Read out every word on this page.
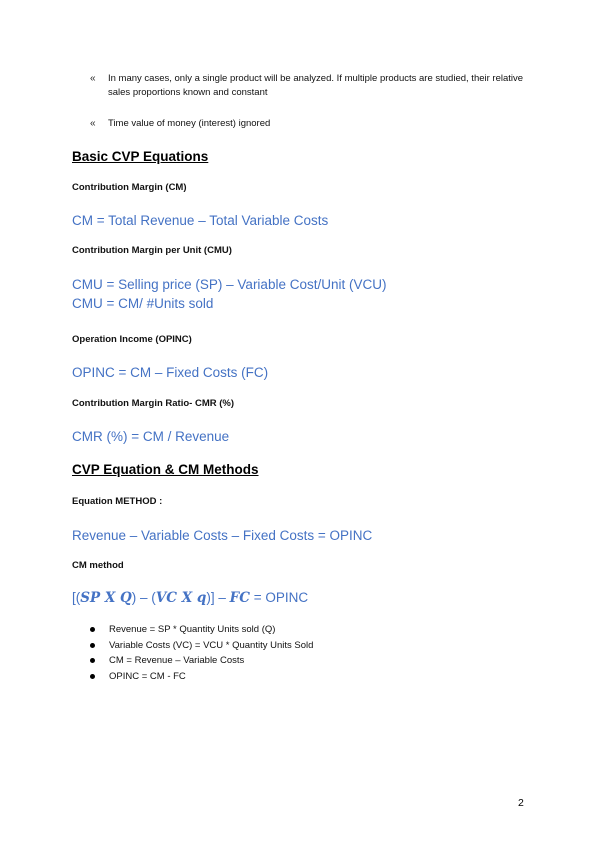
« In many cases, only a single product will be analyzed. If multiple products are studied, their relative sales proportions known and constant
« Time value of money (interest) ignored
Basic CVP Equations
Contribution Margin (CM)
CM = Total Revenue – Total Variable Costs
Contribution Margin per Unit (CMU)
CMU = Selling price (SP) – Variable Cost/Unit (VCU)
CMU = CM/ #Units sold
Operation Income (OPINC)
OPINC = CM – Fixed Costs (FC)
Contribution Margin Ratio- CMR (%)
CMR (%) = CM / Revenue
CVP Equation & CM Methods
Equation METHOD :
Revenue – Variable Costs – Fixed Costs = OPINC
CM method
[(SP X Q) – (VC X q)] – FC = OPINC
Revenue = SP * Quantity Units sold (Q)
Variable Costs (VC) = VCU * Quantity Units Sold
CM = Revenue – Variable Costs
OPINC = CM - FC
2
